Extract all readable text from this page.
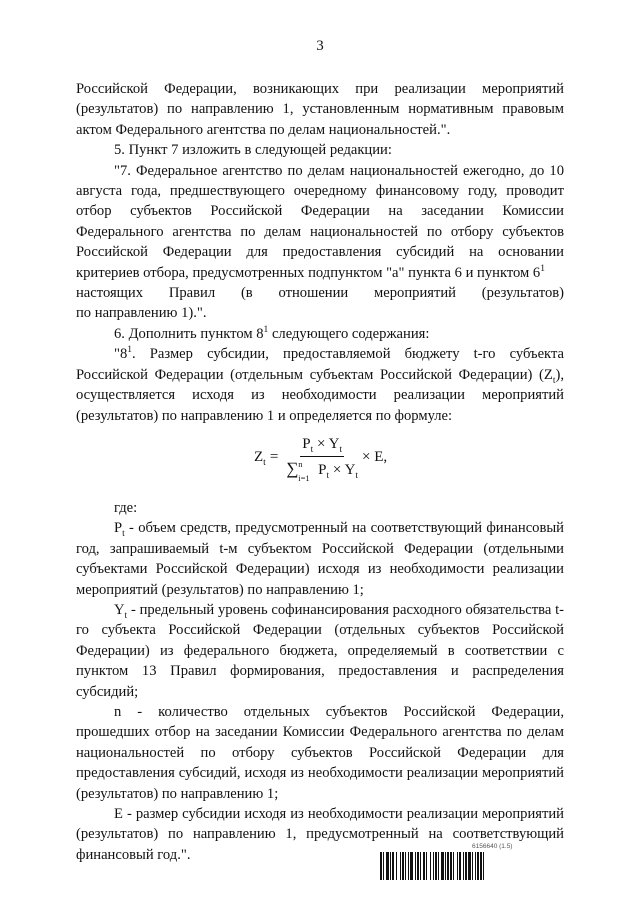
3

Российской Федерации, возникающих при реализации мероприятий (результатов) по направлению 1, установленным нормативным правовым актом Федерального агентства по делам национальностей.".

5. Пункт 7 изложить в следующей редакции:

"7. Федеральное агентство по делам национальностей ежегодно, до 10 августа года, предшествующего очередному финансовому году, проводит отбор субъектов Российской Федерации на заседании Комиссии Федерального агентства по делам национальностей по отбору субъектов Российской Федерации для предоставления субсидий на основании критериев отбора, предусмотренных подпунктом "а" пункта 6 и пунктом $6^1$

настоящих Правил (в отношении мероприятий (результатов)

по направлению 1).".

6. Дополнить пунктом $8^1$ следующего содержания:

"$8^1$. Размер субсидии, предоставляемой бюджету t-го субъекта Российской Федерации (отдельным субъектам Российской Федерации) $(Z_t)$, осуществляется исходя из необходимости реализации мероприятий (результатов) по направлению 1 и определяется по формуле:

$Z_t = P_t \times Y_t$
∑ n
i=1 $P_t \times Y_t \times E$,

где:

$P_t$ - объем средств, предусмотренный на соответствующий финансовый год, запрашиваемый t-м субъектом Российской Федерации (отдельными субъектами Российской Федерации) исходя из необходимости реализации мероприятий (результатов) по направлению 1;

$Y_t$ - предельный уровень софинансирования расходного обязательства t-го субъекта Российской Федерации (отдельных субъектов Российской Федерации) из федерального бюджета, определяемый в соответствии с пунктом 13 Правил формирования, предоставления и распределения субсидий;

n - количество отдельных субъектов Российской Федерации, прошедших отбор на заседании Комиссии Федерального агентства по делам национальностей по отбору субъектов Российской Федерации для предоставления субсидий, исходя из необходимости реализации мероприятий (результатов) по направлению 1;

E - размер субсидии исходя из необходимости реализации мероприятий (результатов) по направлению 1, предусмотренный на соответствующий финансовый год.".

6156640 (1.5)
